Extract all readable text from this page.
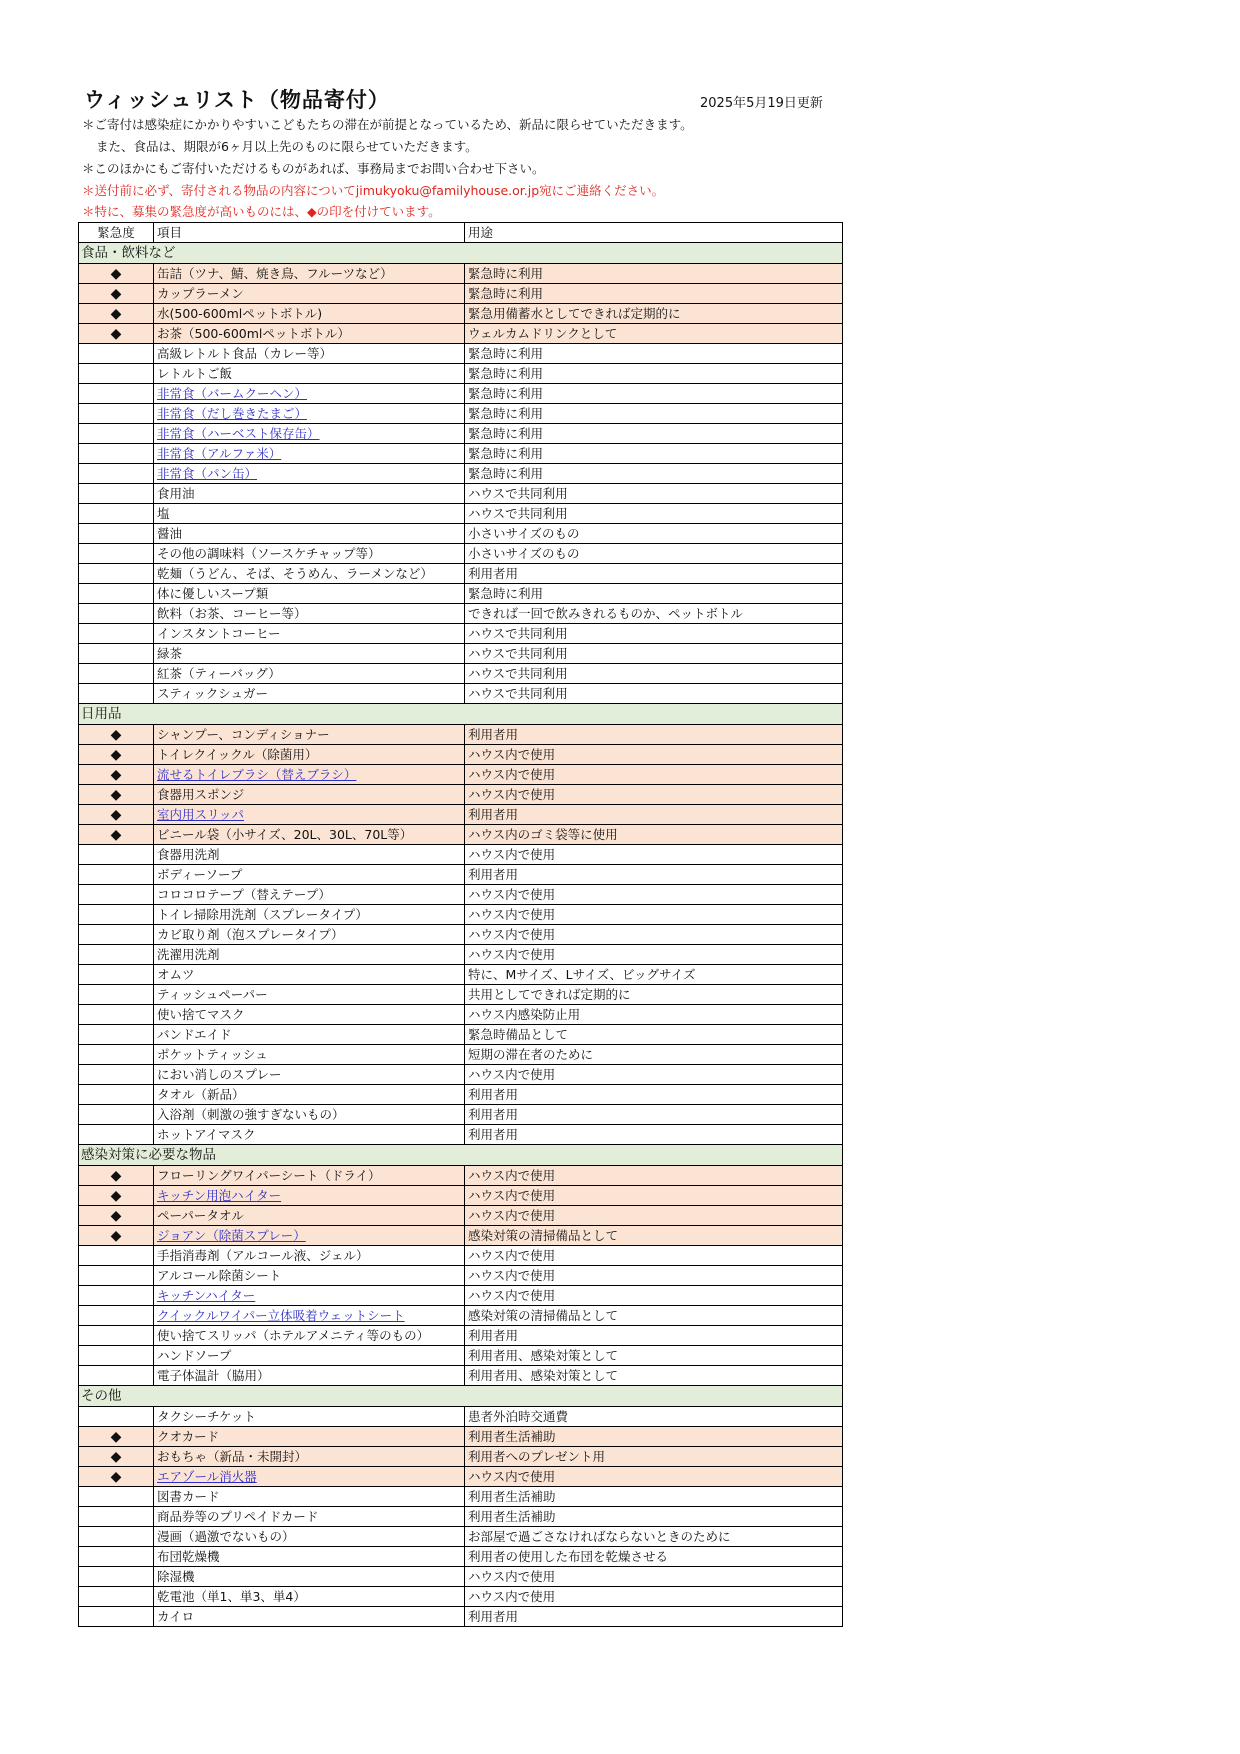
ウィッシュリスト（物品寄付）	2025年5月19日更新
＊ご寄付は感染症にかかりやすいこどもたちの滞在が前提となっているため、新品に限らせていただきます。
また、食品は、期限が6ヶ月以上先のものに限らせていただきます。
＊このほかにもご寄付いただけるものがあれば、事務局までお問い合わせ下さい。
＊送付前に必ず、寄付される物品の内容についてjimukyoku@familyhouse.or.jp宛にご連絡ください。
＊特に、募集の緊急度が高いものには、◆の印を付けています。
緊急度	項目	用途
食品・飲料など		
◆	缶詰（ツナ、鯖、焼き鳥、フルーツなど）	緊急時に利用
◆	カップラーメン	緊急時に利用
◆	水(500-600mlペットボトル)	緊急用備蓄水としてできれば定期的に
◆	お茶（500-600mlペットボトル）	ウェルカムドリンクとして
	高級レトルト食品（カレー等）	緊急時に利用
	レトルトご飯	緊急時に利用
	非常食（バームクーヘン）	緊急時に利用
	非常食（だし巻きたまご）	緊急時に利用
	非常食（ハーベスト保存缶）	緊急時に利用
	非常食（アルファ米）	緊急時に利用
	非常食（パン缶）	緊急時に利用
	食用油	ハウスで共同利用
	塩	ハウスで共同利用
	醤油	小さいサイズのもの
	その他の調味料（ソースケチャップ等）	小さいサイズのもの
	乾麺（うどん、そば、そうめん、ラーメンなど）	利用者用
	体に優しいスープ類	緊急時に利用
	飲料（お茶、コーヒー等）	できれば一回で飲みきれるものか、ペットボトル
	インスタントコーヒー	ハウスで共同利用
	緑茶	ハウスで共同利用
	紅茶（ティーバッグ）	ハウスで共同利用
	スティックシュガー	ハウスで共同利用
日用品		
◆	シャンプー、コンディショナー	利用者用
◆	トイレクイックル（除菌用）	ハウス内で使用
◆	流せるトイレブラシ（替えブラシ）	ハウス内で使用
◆	食器用スポンジ	ハウス内で使用
◆	室内用スリッパ	利用者用
◆	ビニール袋（小サイズ、20L、30L、70L等）	ハウス内のゴミ袋等に使用
	食器用洗剤	ハウス内で使用
	ボディーソープ	利用者用
	コロコロテープ（替えテープ）	ハウス内で使用
	トイレ掃除用洗剤（スプレータイプ）	ハウス内で使用
	カビ取り剤（泡スプレータイプ）	ハウス内で使用
	洗濯用洗剤	ハウス内で使用
	オムツ	特に、Mサイズ、Lサイズ、ビッグサイズ
	ティッシュペーパー	共用としてできれば定期的に
	使い捨てマスク	ハウス内感染防止用
	バンドエイド	緊急時備品として
	ポケットティッシュ	短期の滞在者のために
	におい消しのスプレー	ハウス内で使用
	タオル（新品）	利用者用
	入浴剤（刺激の強すぎないもの）	利用者用
	ホットアイマスク	利用者用
感染対策に必要な物品		
◆	フローリングワイパーシート（ドライ）	ハウス内で使用
◆	キッチン用泡ハイター	ハウス内で使用
◆	ペーパータオル	ハウス内で使用
◆	ジョアン（除菌スプレー）	感染対策の清掃備品として
	手指消毒剤（アルコール液、ジェル）	ハウス内で使用
	アルコール除菌シート	ハウス内で使用
	キッチンハイター	ハウス内で使用
	クイックルワイパー立体吸着ウェットシート	感染対策の清掃備品として
	使い捨てスリッパ（ホテルアメニティ等のもの）	利用者用
	ハンドソープ	利用者用、感染対策として
	電子体温計（脇用）	利用者用、感染対策として
その他		
	タクシーチケット	患者外泊時交通費
◆	クオカード	利用者生活補助
◆	おもちゃ（新品・未開封）	利用者へのプレゼント用
◆	エアゾール消火器	ハウス内で使用
	図書カード	利用者生活補助
	商品券等のプリペイドカード	利用者生活補助
	漫画（過激でないもの）	お部屋で過ごさなければならないときのために
	布団乾燥機	利用者の使用した布団を乾燥させる
	除湿機	ハウス内で使用
	乾電池（単1、単3、単4）	ハウス内で使用
	カイロ	利用者用
